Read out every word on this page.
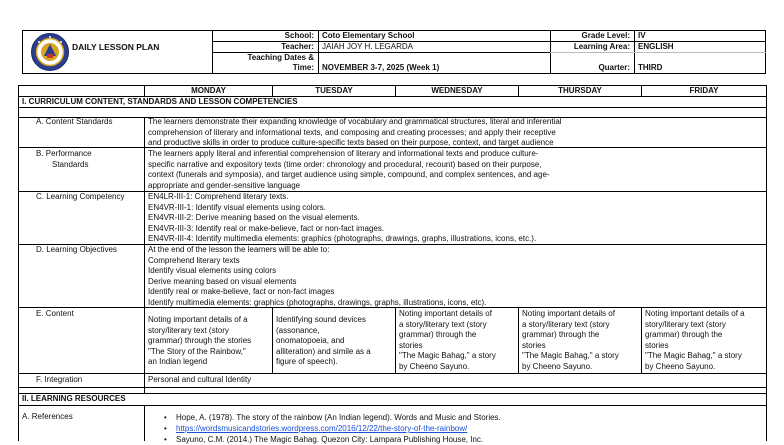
DAILY LESSON PLAN
School:
Teacher:
Teaching Dates &
Time:
Coto Elementary School
JAIAH JOY H. LEGARDA
NOVEMBER 3-7, 2025 (Week 1)
Grade Level:
Learning Area:
Quarter:
IV
ENGLISH
THIRD
MONDAY	TUESDAY	WEDNESDAY	THURSDAY	FRIDAY
I. CURRICULUM CONTENT, STANDARDS AND LESSON COMPETENCIES
A. Content Standards	The learners demonstrate their expanding knowledge of vocabulary and grammatical structures, literal and inferential
comprehension of literary and informational texts, and composing and creating processes; and apply their receptive
and productive skills in order to produce culture-specific texts based on their purpose, context, and target audience
B. Performance
Standards
The learners apply literal and inferential comprehension of literary and informational texts and produce culture-
specific narrative and expository texts (time order: chronology and procedural, recount) based on their purpose,
context (funerals and symposia), and target audience using simple, compound, and complex sentences, and age-
appropriate and gender-sensitive language
C. Learning Competency	EN4LR-III-1: Comprehend literary texts.
EN4VR-III-1: Identify visual elements using colors.
EN4VR-III-2: Derive meaning based on the visual elements.
EN4VR-III-3: Identify real or make-believe, fact or non-fact images.
EN4VR-III-4: Identify multimedia elements: graphics (photographs, drawings, graphs, illustrations, icons, etc.).
D. Learning Objectives	At the end of the lesson the learners will be able to:
Comprehend literary texts
Identify visual elements using colors
Derive meaning based on visual elements
Identify real or make-believe, fact or non-fact images
Identify multimedia elements: graphics (photographs, drawings, graphs, illustrations, icons, etc).
E. Content
Noting important details of a
story/literary text (story
grammar) through the stories
"The Story of the Rainbow,"
an Indian legend
Identifying sound devices
(assonance,
onomatopoeia, and
alliteration) and simile as a
figure of speech).
Noting important details of
a story/literary text (story
grammar) through the
stories
"The Magic Bahag," a story
by Cheeno Sayuno.
Noting important details of
a story/literary text (story
grammar) through the
stories
"The Magic Bahag," a story
by Cheeno Sayuno.
Noting important details of a
story/literary text (story
grammar) through the
stories
"The Magic Bahag," a story
by Cheeno Sayuno.
F. Integration	Personal and cultural Identity
II. LEARNING RESOURCES
A. References
•	Hope, A. (1978). The story of the rainbow (An Indian legend). Words and Music and Stories.
• https://wordsmusicandstories.wordpress.com/2016/12/22/the-story-of-the-rainbow/
• Sayuno, C.M. (2014.) The Magic Bahag. Quezon City: Lampara Publishing House, Inc.
